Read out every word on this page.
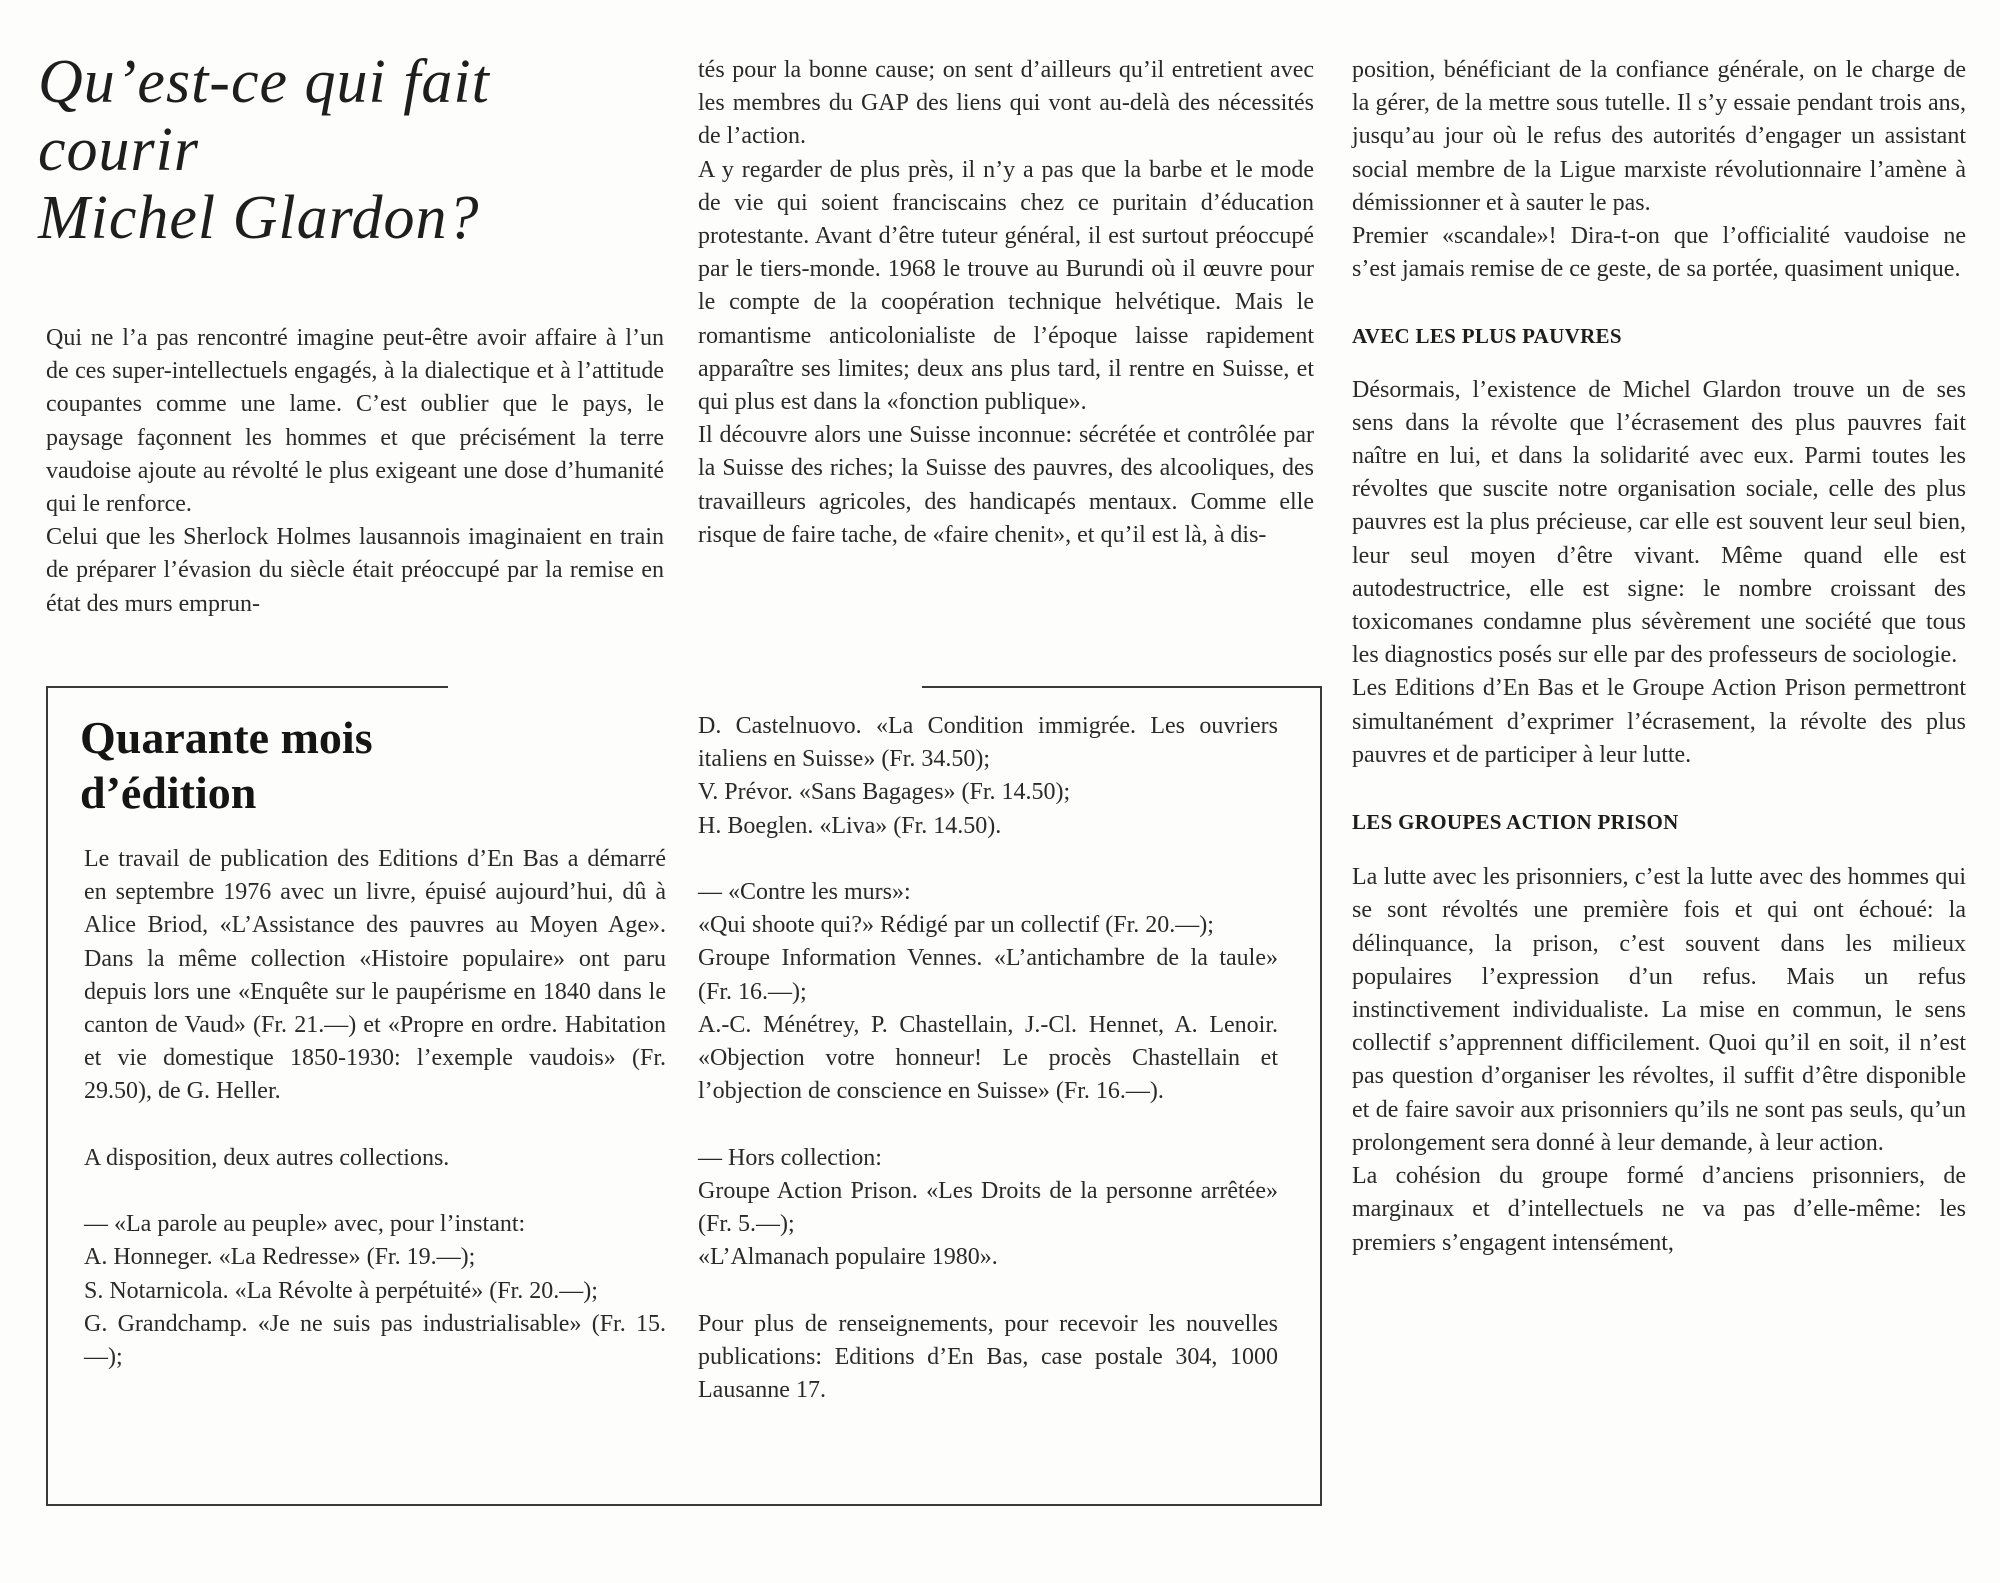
Qu’est-ce qui fait
courir
Michel Glardon?

Qui ne l’a pas rencontré imagine peut-être avoir affaire à l’un de ces super-intellectuels engagés, à la dialectique et à l’attitude coupantes comme une lame. C’est oublier que le pays, le paysage façonnent les hommes et que précisément la terre vaudoise ajoute au révolté le plus exigeant une dose d’humanité qui le renforce.

Celui que les Sherlock Holmes lausannois imaginaient en train de préparer l’évasion du siècle était préoccupé par la remise en état des murs emprun-

tés pour la bonne cause; on sent d’ailleurs qu’il entretient avec les membres du GAP des liens qui vont au-delà des nécessités de l’action.

A y regarder de plus près, il n’y a pas que la barbe et le mode de vie qui soient franciscains chez ce puritain d’éducation protestante. Avant d’être tuteur général, il est surtout préoccupé par le tiers-monde. 1968 le trouve au Burundi où il œuvre pour le compte de la coopération technique helvétique. Mais le romantisme anticolonialiste de l’époque laisse rapidement apparaître ses limites; deux ans plus tard, il rentre en Suisse, et qui plus est dans la «fonction publique».

Il découvre alors une Suisse inconnue: sécrétée et contrôlée par la Suisse des riches; la Suisse des pauvres, des alcooliques, des travailleurs agricoles, des handicapés mentaux. Comme elle risque de faire tache, de «faire chenit», et qu’il est là, à dis-

position, bénéficiant de la confiance générale, on le charge de la gérer, de la mettre sous tutelle. Il s’y essaie pendant trois ans, jusqu’au jour où le refus des autorités d’engager un assistant social membre de la Ligue marxiste révolutionnaire l’amène à démissionner et à sauter le pas.

Premier «scandale»! Dira-t-on que l’officialité vaudoise ne s’est jamais remise de ce geste, de sa portée, quasiment unique.

AVEC LES PLUS PAUVRES

Désormais, l’existence de Michel Glardon trouve un de ses sens dans la révolte que l’écrasement des plus pauvres fait naître en lui, et dans la solidarité avec eux. Parmi toutes les révoltes que suscite notre organisation sociale, celle des plus pauvres est la plus précieuse, car elle est souvent leur seul bien, leur seul moyen d’être vivant. Même quand elle est autodestructrice, elle est signe: le nombre croissant des toxicomanes condamne plus sévèrement une société que tous les diagnostics posés sur elle par des professeurs de sociologie.

Les Editions d’En Bas et le Groupe Action Prison permettront simultanément d’exprimer l’écrasement, la révolte des plus pauvres et de participer à leur lutte.

LES GROUPES ACTION PRISON

La lutte avec les prisonniers, c’est la lutte avec des hommes qui se sont révoltés une première fois et qui ont échoué: la délinquance, la prison, c’est souvent dans les milieux populaires l’expression d’un refus. Mais un refus instinctivement individualiste. La mise en commun, le sens collectif s’apprennent difficilement. Quoi qu’il en soit, il n’est pas question d’organiser les révoltes, il suffit d’être disponible et de faire savoir aux prisonniers qu’ils ne sont pas seuls, qu’un prolongement sera donné à leur demande, à leur action.

La cohésion du groupe formé d’anciens prisonniers, de marginaux et d’intellectuels ne va pas d’elle-même: les premiers s’engagent intensément,

Quarante mois
d’édition

Le travail de publication des Editions d’En Bas a démarré en septembre 1976 avec un livre, épuisé aujourd’hui, dû à Alice Briod, «L’Assistance des pauvres au Moyen Age». Dans la même collection «Histoire populaire» ont paru depuis lors une «Enquête sur le paupérisme en 1840 dans le canton de Vaud» (Fr. 21.—) et «Propre en ordre. Habitation et vie domestique 1850-1930: l’exemple vaudois» (Fr. 29.50), de G. Heller.

A disposition, deux autres collections.

— «La parole au peuple» avec, pour l’instant:

A. Honneger. «La Redresse» (Fr. 19.—);

S. Notarnicola. «La Révolte à perpétuité» (Fr. 20.—);

G. Grandchamp. «Je ne suis pas industrialisable» (Fr. 15.—);

D. Castelnuovo. «La Condition immigrée. Les ouvriers italiens en Suisse» (Fr. 34.50);

V. Prévor. «Sans Bagages» (Fr. 14.50);

H. Boeglen. «Liva» (Fr. 14.50).

— «Contre les murs»:

«Qui shoote qui?» Rédigé par un collectif (Fr. 20.—);

Groupe Information Vennes. «L’antichambre de la taule» (Fr. 16.—);

A.-C. Ménétrey, P. Chastellain, J.-Cl. Hennet, A. Lenoir. «Objection votre honneur! Le procès Chastellain et l’objection de conscience en Suisse» (Fr. 16.—).

— Hors collection:

Groupe Action Prison. «Les Droits de la personne arrêtée» (Fr. 5.—);

«L’Almanach populaire 1980».

Pour plus de renseignements, pour recevoir les nouvelles publications: Editions d’En Bas, case postale 304, 1000 Lausanne 17.
